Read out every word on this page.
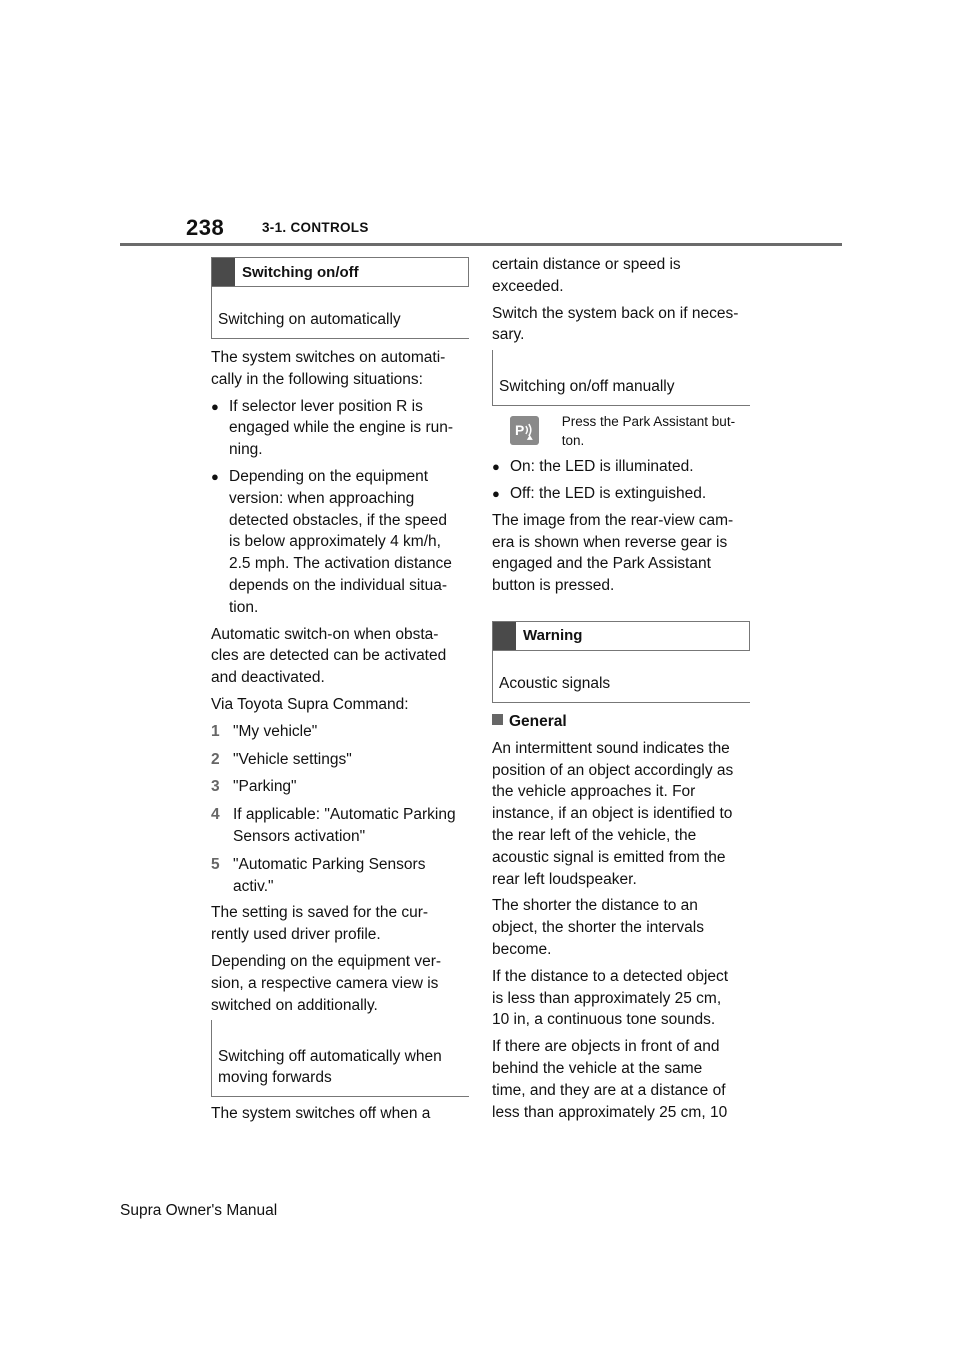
238	3-1. CONTROLS
Switching on/off
Switching on automatically

The system switches on automati-
cally in the following situations:

● If selector lever position R is
engaged while the engine is run-
ning.

● Depending on the equipment
version: when approaching
detected obstacles, if the speed
is below approximately 4 km/h,
2.5 mph. The activation distance
depends on the individual situa-
tion.

Automatic switch-on when obsta-
cles are detected can be activated
and deactivated.

Via Toyota Supra Command:

1 "My vehicle"

2 "Vehicle settings"

3 "Parking"

4 If applicable: "Automatic Parking
Sensors activation"

5 "Automatic Parking Sensors
activ."

The setting is saved for the cur-
rently used driver profile.

Depending on the equipment ver-
sion, a respective camera view is
switched on additionally.

Switching off automatically when
moving forwards

The system switches off when a

certain distance or speed is
exceeded.

Switch the system back on if neces-
sary.

Switching on/off manually
P
Press the Park Assistant but-
ton.

● On: the LED is illuminated.

● Off: the LED is extinguished.

The image from the rear-view cam-
era is shown when reverse gear is
engaged and the Park Assistant
button is pressed.

Warning
Acoustic signals

General

An intermittent sound indicates the
position of an object accordingly as
the vehicle approaches it. For
instance, if an object is identified to
the rear left of the vehicle, the
acoustic signal is emitted from the
rear left loudspeaker.

The shorter the distance to an
object, the shorter the intervals
become.

If the distance to a detected object
is less than approximately 25 cm,
10 in, a continuous tone sounds.

If there are objects in front of and
behind the vehicle at the same
time, and they are at a distance of
less than approximately 25 cm, 10

Supra Owner's Manual
